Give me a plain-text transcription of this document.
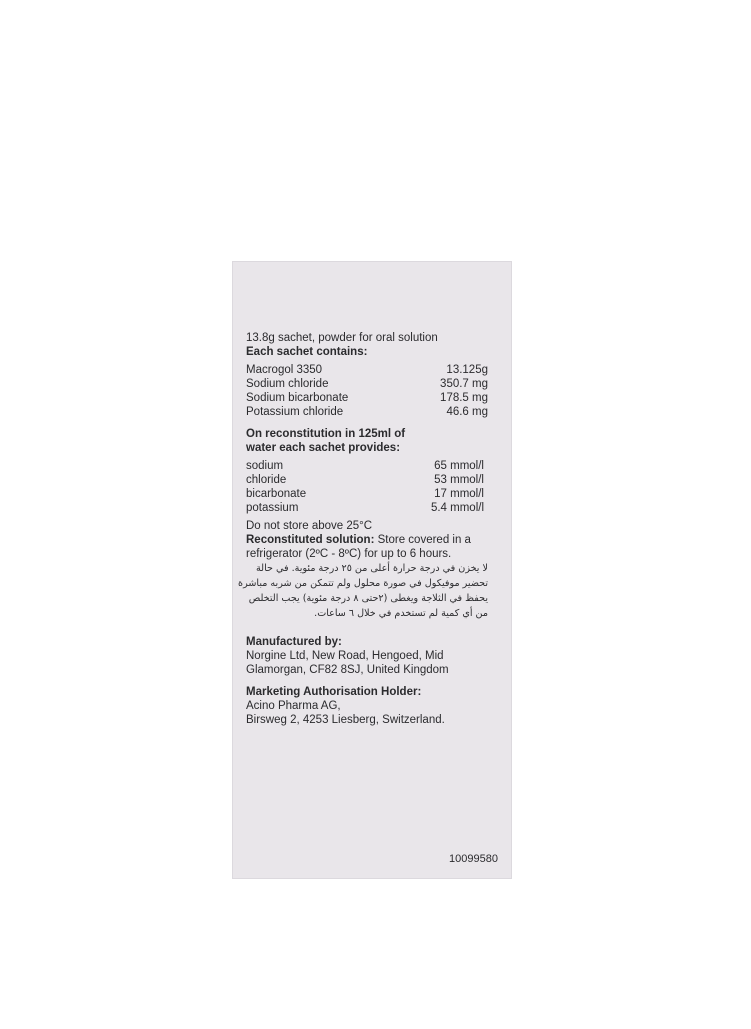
13.8g sachet, powder for oral solution
Each sachet contains:
Macrogol 3350	13.125g
Sodium chloride	350.7 mg
Sodium bicarbonate	178.5 mg
Potassium chloride	46.6 mg
On reconstitution in 125ml of
water each sachet provides:
sodium	65 mmol/l
chloride	53 mmol/l
bicarbonate	17 mmol/l
potassium	5.4 mmol/l
Do not store above 25°C
Reconstituted solution: Store covered in a
refrigerator (2ºC - 8ºC) for up to 6 hours.
لا يخزن في درجة حرارة أعلى من ٢٥ درجة مئوية. في حالة
تحضير موفيكول في صورة محلول ولم تتمكن من شربه مباشرة
يحفظ في الثلاجة ويغطى (٢حتى ٨ درجة مئوية) يجب التخلص
من أي كمية لم تستخدم في خلال ٦ ساعات.
Manufactured by:
Norgine Ltd, New Road, Hengoed, Mid
Glamorgan, CF82 8SJ, United Kingdom
Marketing Authorisation Holder:
Acino Pharma AG,
Birsweg 2, 4253 Liesberg, Switzerland.
10099580
